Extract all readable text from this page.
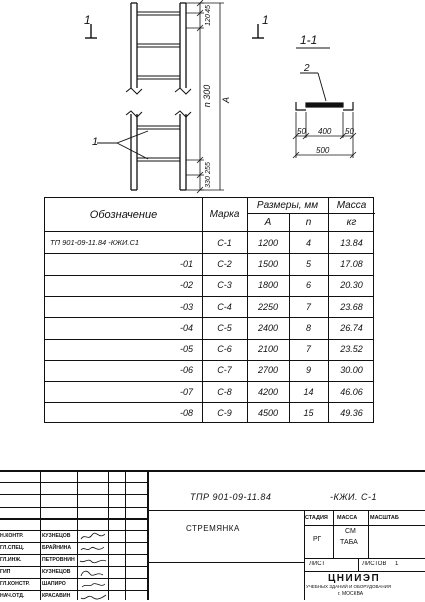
45
120
n 300 A
255
330
1	1
1
1-1
2
50 400 50
500
Обозначение	Марка
Размеры, мм
A	n
Масса
кг
ТП 901-09-11.84 -КЖИ.С1	С-1	1200	4	13.84
-01	С-2	1500	5	17.08
-02	С-3	1800	6	20.30
-03	С-4	2250	7	23.68
-04	С-5	2400	8	26.74
-05	С-6	2100	7	23.52
-06	С-7	2700	9	30.00
-07	С-8	4200	14	46.06
-08	С-9	4500	15	49.36
ТПР 901-09-11.84	-КЖИ. С-1
СТРЕМЯНКА
СТАДИЯ МАССА МАСШТАБ
РГ
СМ
ТАБА
ЛИСТ	ЛИСТОВ 1
ЦНИИЭП
УЧЕБНЫХ ЗДАНИЙ И ОБОРУДОВАНИЯ
г. МОСКВА
Н.КОНТР.	КУЗНЕЦОВ
ГЛ.СПЕЦ.	БРАЙНИНА
ГЛ.ИНЖ.	ПЕТРОВНИН
ГИП	КУЗНЕЦОВ
ГЛ.КОНСТР.	ШАПИРО
НАЧ.ОТД.	КРАСАВИН
